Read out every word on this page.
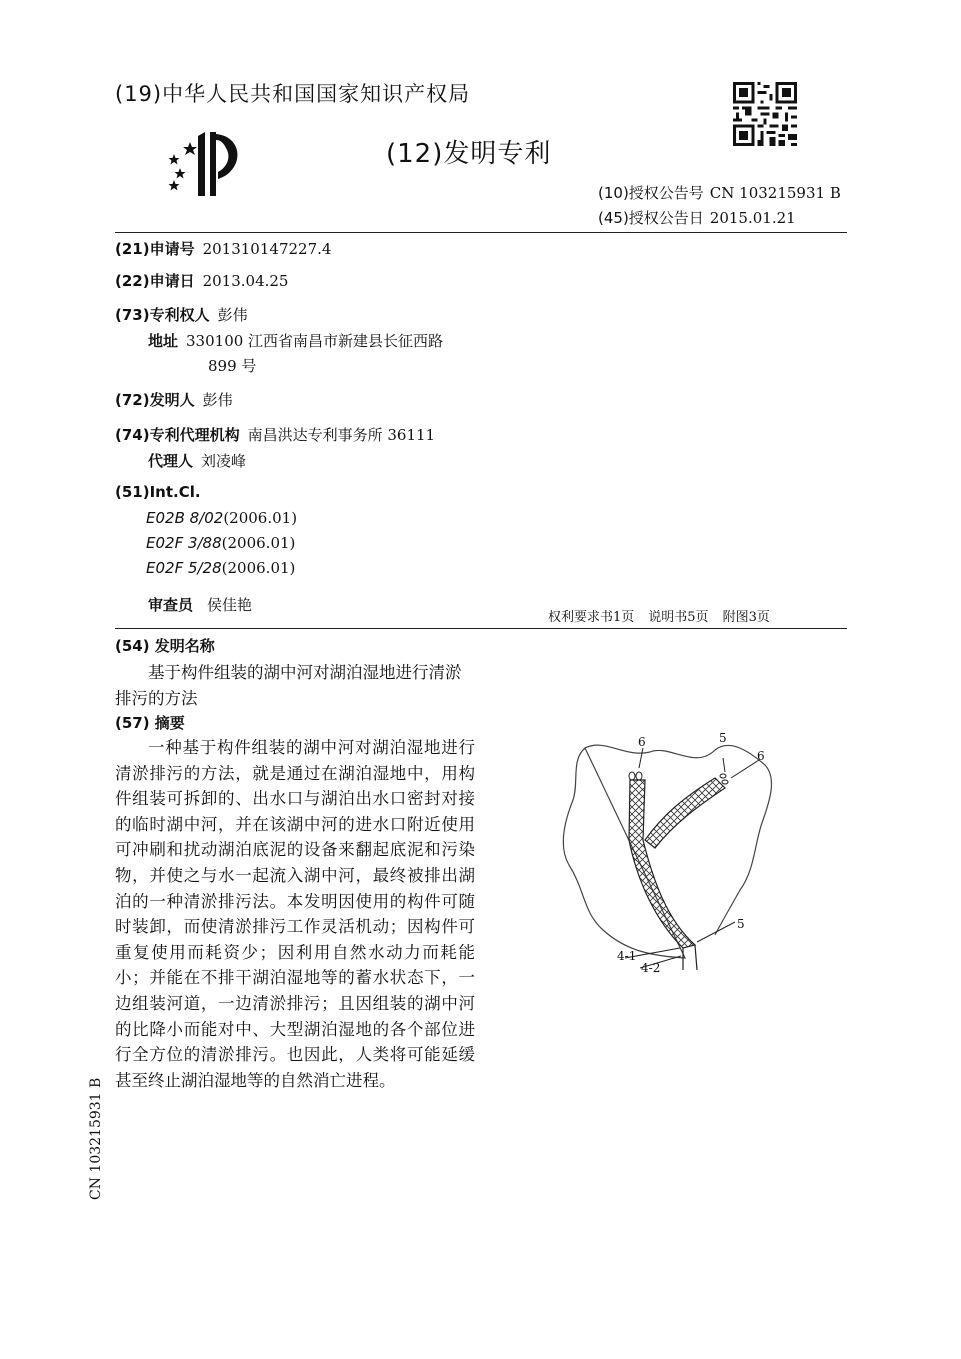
(19)中华人民共和国国家知识产权局
(12)发明专利
(10)授权公告号 CN 103215931 B
(45)授权公告日 2015.01.21
(21)申请号 201310147227.4
(22)申请日 2013.04.25
(73)专利权人 彭伟
地址 330100 江西省南昌市新建县长征西路
899 号
(72)发明人 彭伟
(74)专利代理机构 南昌洪达专利事务所 36111
代理人 刘凌峰
(51)Int.Cl.
E02B 8/02(2006.01)
E02F 3/88(2006.01)
E02F 5/28(2006.01)
审查员 侯佳艳
权利要求书1页 说明书5页 附图3页
(54) 发明名称
基于构件组装的湖中河对湖泊湿地进行清淤排污的方法
(57) 摘要
一种基于构件组装的湖中河对湖泊湿地进行清淤排污的方法，就是通过在湖泊湿地中，用构件组装可拆卸的、出水口与湖泊出水口密封对接的临时湖中河，并在该湖中河的进水口附近使用可冲刷和扰动湖泊底泥的设备来翻起底泥和污染物，并使之与水一起流入湖中河，最终被排出湖泊的一种清淤排污法。本发明因使用的构件可随时装卸，而使清淤排污工作灵活机动；因构件可重复使用而耗资少；因利用自然水动力而耗能小；并能在不排干湖泊湿地等的蓄水状态下，一边组装河道，一边清淤排污；且因组装的湖中河的比降小而能对中、大型湖泊湿地的各个部位进行全方位的清淤排污。也因此，人类将可能延缓甚至终止湖泊湿地等的自然消亡进程。
6	5
6
5
4-1
4-2
CN 103215931 B
